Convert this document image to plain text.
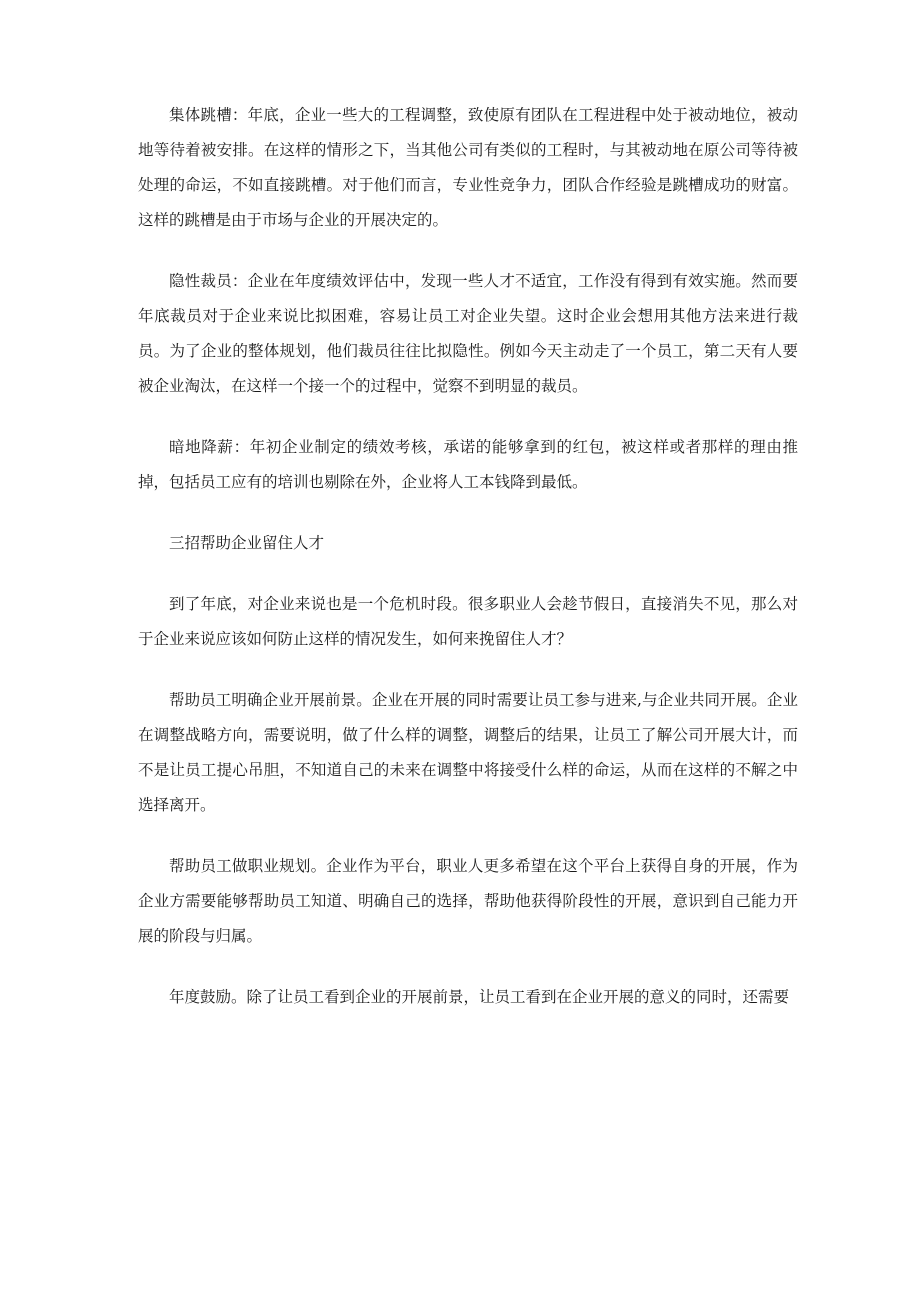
集体跳槽：年底，企业一些大的工程调整，致使原有团队在工程进程中处于被动地位，被动地等待着被安排。在这样的情形之下，当其他公司有类似的工程时，与其被动地在原公司等待被处理的命运，不如直接跳槽。对于他们而言，专业性竞争力，团队合作经验是跳槽成功的财富。这样的跳槽是由于市场与企业的开展决定的。

隐性裁员：企业在年度绩效评估中，发现一些人才不适宜，工作没有得到有效实施。然而要年底裁员对于企业来说比拟困难，容易让员工对企业失望。这时企业会想用其他方法来进行裁员。为了企业的整体规划，他们裁员往往比拟隐性。例如今天主动走了一个员工，第二天有人要被企业淘汰，在这样一个接一个的过程中，觉察不到明显的裁员。

暗地降薪：年初企业制定的绩效考核，承诺的能够拿到的红包，被这样或者那样的理由推掉，包括员工应有的培训也剔除在外，企业将人工本钱降到最低。

三招帮助企业留住人才

到了年底，对企业来说也是一个危机时段。很多职业人会趁节假日，直接消失不见，那么对于企业来说应该如何防止这样的情况发生，如何来挽留住人才？

帮助员工明确企业开展前景。企业在开展的同时需要让员工参与进来,与企业共同开展。企业在调整战略方向，需要说明，做了什么样的调整，调整后的结果，让员工了解公司开展大计，而不是让员工提心吊胆，不知道自己的未来在调整中将接受什么样的命运，从而在这样的不解之中选择离开。

帮助员工做职业规划。企业作为平台，职业人更多希望在这个平台上获得自身的开展，作为企业方需要能够帮助员工知道、明确自己的选择，帮助他获得阶段性的开展，意识到自己能力开展的阶段与归属。

年度鼓励。除了让员工看到企业的开展前景，让员工看到在企业开展的意义的同时，还需要
